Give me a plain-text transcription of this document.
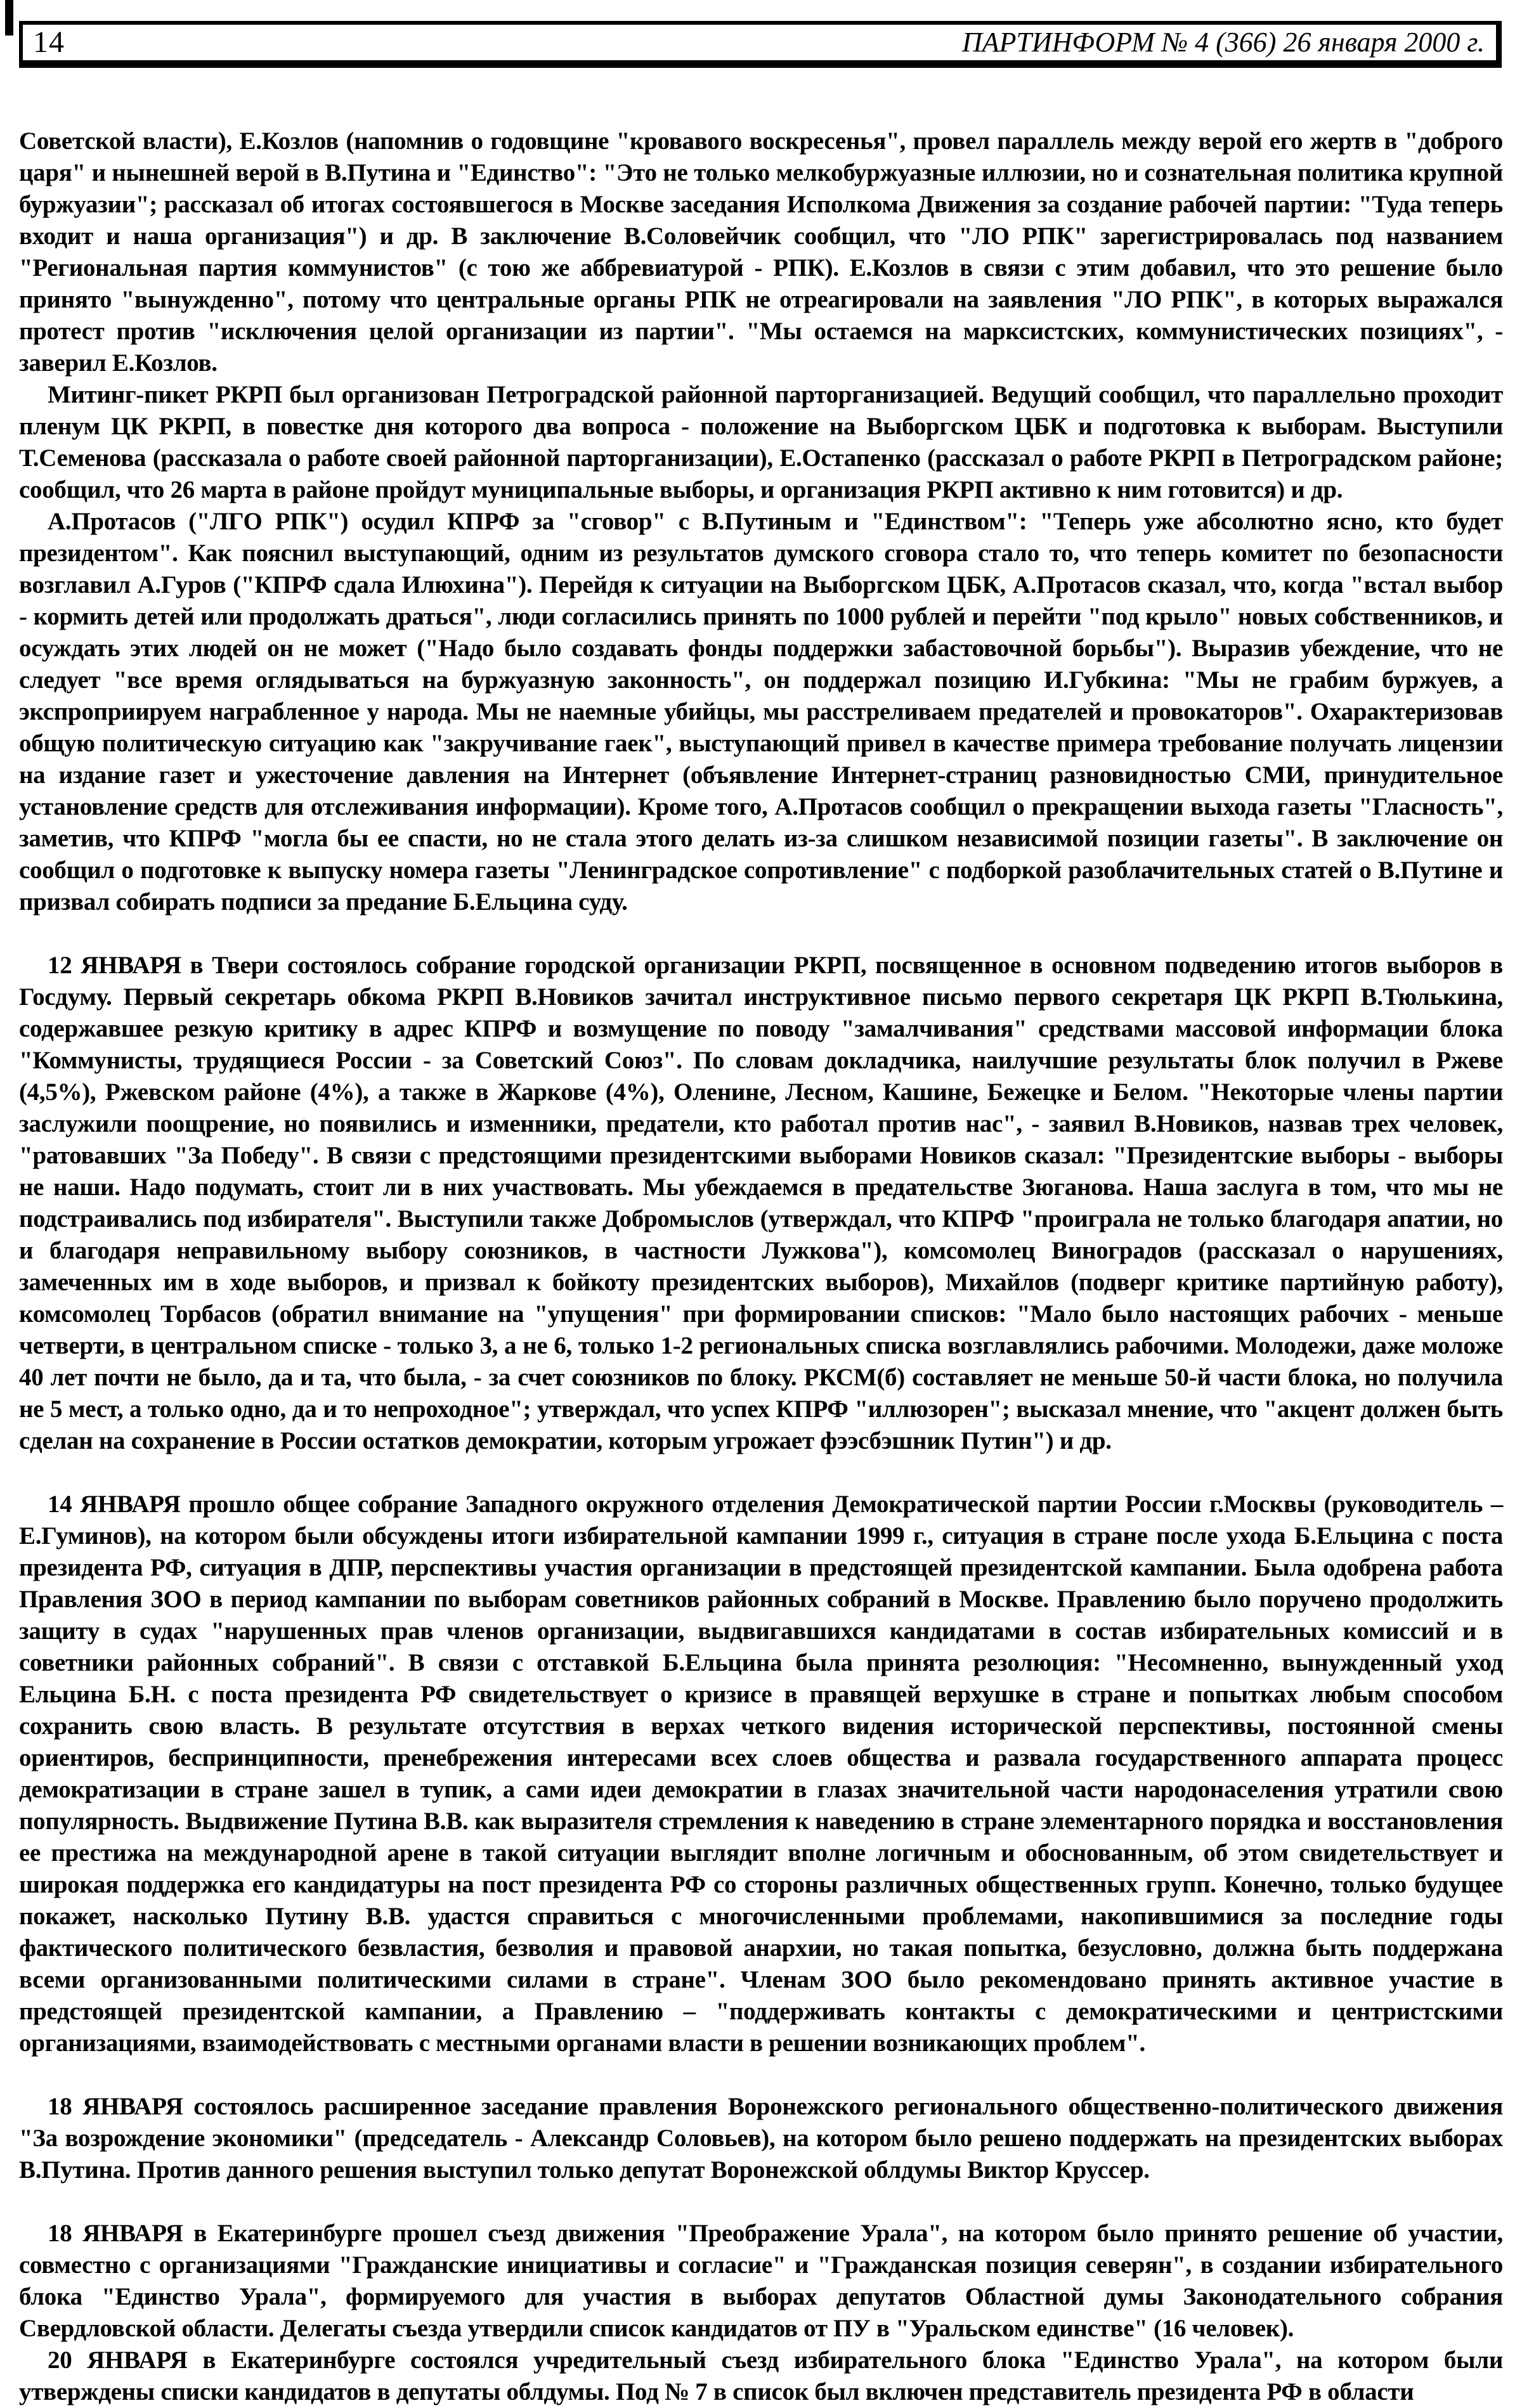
14	ПАРТИНФОРМ № 4 (366) 26 января 2000 г.

Советской власти), Е.Козлов (напомнив о годовщине "кровавого воскресенья", провел параллель между верой его жертв в "доброго царя" и нынешней верой в В.Путина и "Единство": "Это не только мелкобуржуазные иллюзии, но и сознательная политика крупной буржуазии"; рассказал об итогах состоявшегося в Москве заседания Исполкома Движения за создание рабочей партии: "Туда теперь входит и наша организация") и др. В заключение В.Соловейчик сообщил, что "ЛО РПК" зарегистрировалась под названием "Региональная партия коммунистов" (с тою же аббревиатурой - РПК). Е.Козлов в связи с этим добавил, что это решение было принято "вынужденно", потому что центральные органы РПК не отреагировали на заявления "ЛО РПК", в которых выражался протест против "исключения целой организации из партии". "Мы остаемся на марксистских, коммунистических позициях", - заверил Е.Козлов.

Митинг-пикет РКРП был организован Петроградской районной парторганизацией. Ведущий сообщил, что параллельно проходит пленум ЦК РКРП, в повестке дня которого два вопроса - положение на Выборгском ЦБК и подготовка к выборам. Выступили Т.Семенова (рассказала о работе своей районной парторганизации), Е.Остапенко (рассказал о работе РКРП в Петроградском районе; сообщил, что 26 марта в районе пройдут муниципальные выборы, и организация РКРП активно к ним готовится) и др.

А.Протасов ("ЛГО РПК") осудил КПРФ за "сговор" с В.Путиным и "Единством": "Теперь уже абсолютно ясно, кто будет президентом". Как пояснил выступающий, одним из результатов думского сговора стало то, что теперь комитет по безопасности возглавил А.Гуров ("КПРФ сдала Илюхина"). Перейдя к ситуации на Выборгском ЦБК, А.Протасов сказал, что, когда "встал выбор - кормить детей или продолжать драться", люди согласились принять по 1000 рублей и перейти "под крыло" новых собственников, и осуждать этих людей он не может ("Надо было создавать фонды поддержки забастовочной борьбы"). Выразив убеждение, что не следует "все время оглядываться на буржуазную законность", он поддержал позицию И.Губкина: "Мы не грабим буржуев, а экспроприируем награбленное у народа. Мы не наемные убийцы, мы расстреливаем предателей и провокаторов". Охарактеризовав общую политическую ситуацию как "закручивание гаек", выступающий привел в качестве примера требование получать лицензии на издание газет и ужесточение давления на Интернет (объявление Интернет-страниц разновидностью СМИ, принудительное установление средств для отслеживания информации). Кроме того, А.Протасов сообщил о прекращении выхода газеты "Гласность", заметив, что КПРФ "могла бы ее спасти, но не стала этого делать из-за слишком независимой позиции газеты". В заключение он сообщил о подготовке к выпуску номера газеты "Ленинградское сопротивление" с подборкой разоблачительных статей о В.Путине и призвал собирать подписи за предание Б.Ельцина суду.

12 ЯНВАРЯ в Твери состоялось собрание городской организации РКРП, посвященное в основном подведению итогов выборов в Госдуму. Первый секретарь обкома РКРП В.Новиков зачитал инструктивное письмо первого секретаря ЦК РКРП В.Тюлькина, содержавшее резкую критику в адрес КПРФ и возмущение по поводу "замалчивания" средствами массовой информации блока "Коммунисты, трудящиеся России - за Советский Союз". По словам докладчика, наилучшие результаты блок получил в Ржеве (4,5%), Ржевском районе (4%), а также в Жаркове (4%), Оленине, Лесном, Кашине, Бежецке и Белом. "Некоторые члены партии заслужили поощрение, но появились и изменники, предатели, кто работал против нас", - заявил В.Новиков, назвав трех человек, "ратовавших "За Победу". В связи с предстоящими президентскими выборами Новиков сказал: "Президентские выборы - выборы не наши. Надо подумать, стоит ли в них участвовать. Мы убеждаемся в предательстве Зюганова. Наша заслуга в том, что мы не подстраивались под избирателя". Выступили также Добромыслов (утверждал, что КПРФ "проиграла не только благодаря апатии, но и благодаря неправильному выбору союзников, в частности Лужкова"), комсомолец Виноградов (рассказал о нарушениях, замеченных им в ходе выборов, и призвал к бойкоту президентских выборов), Михайлов (подверг критике партийную работу), комсомолец Торбасов (обратил внимание на "упущения" при формировании списков: "Мало было настоящих рабочих - меньше четверти, в центральном списке - только 3, а не 6, только 1-2 региональных списка возглавлялись рабочими. Молодежи, даже моложе 40 лет почти не было, да и та, что была, - за счет союзников по блоку. РКСМ(б) составляет не меньше 50-й части блока, но получила не 5 мест, а только одно, да и то непроходное"; утверждал, что успех КПРФ "иллюзорен"; высказал мнение, что "акцент должен быть сделан на сохранение в России остатков демократии, которым угрожает фээсбэшник Путин") и др.

14 ЯНВАРЯ прошло общее собрание Западного окружного отделения Демократической партии России г.Москвы (руководитель – Е.Гуминов), на котором были обсуждены итоги избирательной кампании 1999 г., ситуация в стране после ухода Б.Ельцина с поста президента РФ, ситуация в ДПР, перспективы участия организации в предстоящей президентской кампании. Была одобрена работа Правления ЗОО в период кампании по выборам советников районных собраний в Москве. Правлению было поручено продолжить защиту в судах "нарушенных прав членов организации, выдвигавшихся кандидатами в состав избирательных комиссий и в советники районных собраний". В связи с отставкой Б.Ельцина была принята резолюция: "Несомненно, вынужденный уход Ельцина Б.Н. с поста президента РФ свидетельствует о кризисе в правящей верхушке в стране и попытках любым способом сохранить свою власть. В результате отсутствия в верхах четкого видения исторической перспективы, постоянной смены ориентиров, беспринципности, пренебрежения интересами всех слоев общества и развала государственного аппарата процесс демократизации в стране зашел в тупик, а сами идеи демократии в глазах значительной части народонаселения утратили свою популярность. Выдвижение Путина В.В. как выразителя стремления к наведению в стране элементарного порядка и восстановления ее престижа на международной арене в такой ситуации выглядит вполне логичным и обоснованным, об этом свидетельствует и широкая поддержка его кандидатуры на пост президента РФ со стороны различных общественных групп. Конечно, только будущее покажет, насколько Путину В.В. удастся справиться с многочисленными проблемами, накопившимися за последние годы фактического политического безвластия, безволия и правовой анархии, но такая попытка, безусловно, должна быть поддержана всеми организованными политическими силами в стране". Членам ЗОО было рекомендовано принять активное участие в предстоящей президентской кампании, а Правлению – "поддерживать контакты с демократическими и центристскими организациями, взаимодействовать с местными органами власти в решении возникающих проблем".

18 ЯНВАРЯ состоялось расширенное заседание правления Воронежского регионального общественно-политического движения "За возрождение экономики" (председатель - Александр Соловьев), на котором было решено поддержать на президентских выборах В.Путина. Против данного решения выступил только депутат Воронежской облдумы Виктор Круссер.

18 ЯНВАРЯ в Екатеринбурге прошел съезд движения "Преображение Урала", на котором было принято решение об участии, совместно с организациями "Гражданские инициативы и согласие" и "Гражданская позиция северян", в создании избирательного блока "Единство Урала", формируемого для участия в выборах депутатов Областной думы Законодательного собрания Свердловской области. Делегаты съезда утвердили список кандидатов от ПУ в "Уральском единстве" (16 человек).

20 ЯНВАРЯ в Екатеринбурге состоялся учредительный съезд избирательного блока "Единство Урала", на котором были утверждены списки кандидатов в депутаты облдумы. Под № 7 в список был включен представитель президента РФ в области
